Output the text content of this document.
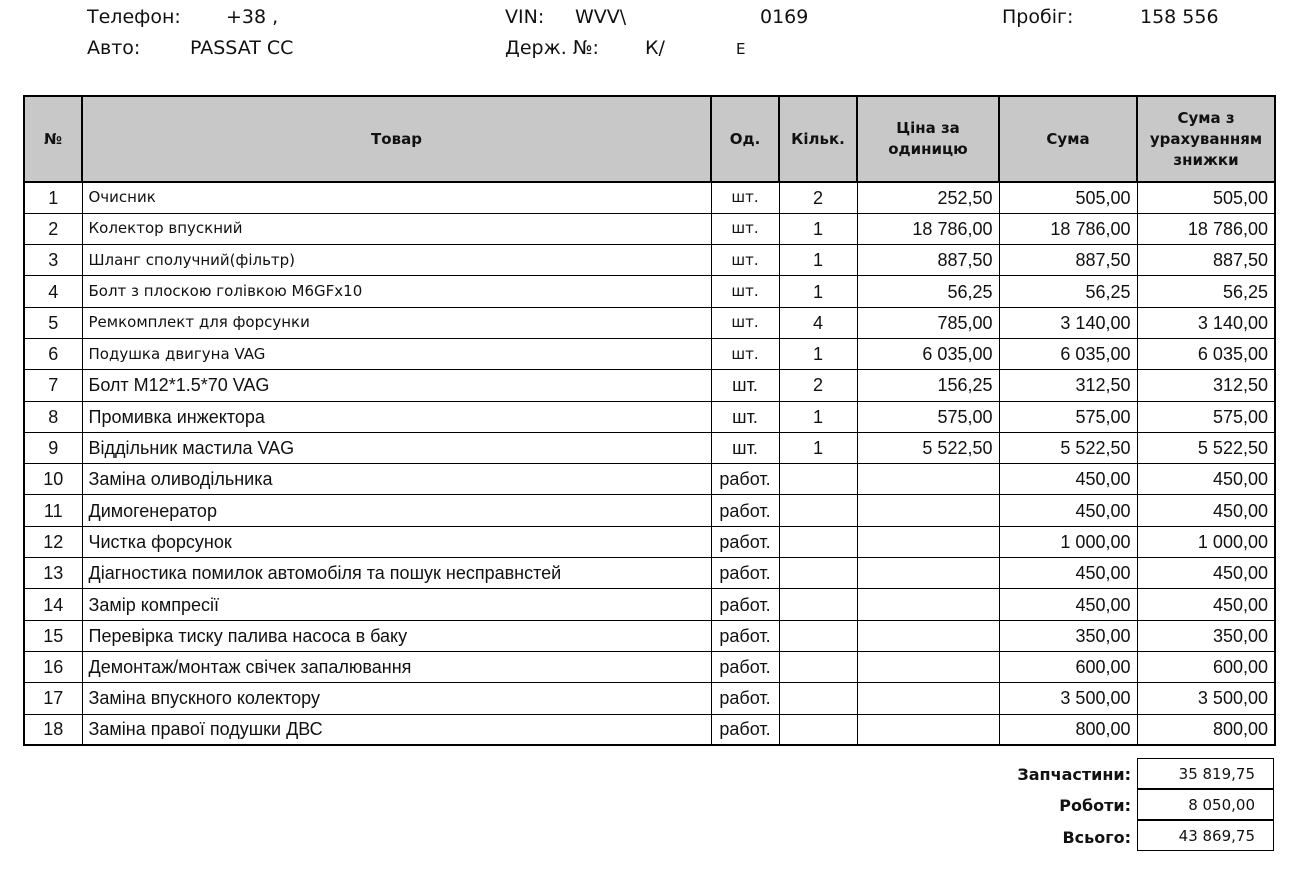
Телефон: +38 ,
Авто:	PASSAT CC
VIN: WVV\	0169
Держ. №: К/	Е
Пробіг:	158 556
№	Товар	Од.	Кільк.	Ціна за одиницю	Сума	Сума з урахуванням знижки
1	Очисник	шт.	2	252,50	505,00	505,00
2	Колектор впускний	шт.	1	18 786,00	18 786,00	18 786,00
3	Шланг сполучний(фільтр)	шт.	1	887,50	887,50	887,50
4	Болт з плоскою голівкою M6GFx10	шт.	1	56,25	56,25	56,25
5	Ремкомплект для форсунки	шт.	4	785,00	3 140,00	3 140,00
6	Подушка двигуна VAG	шт.	1	6 035,00	6 035,00	6 035,00
7	Болт M12*1.5*70 VAG	шт.	2	156,25	312,50	312,50
8	Промивка инжектора	шт.	1	575,00	575,00	575,00
9	Віддільник мастила VAG	шт.	1	5 522,50	5 522,50	5 522,50
10	Заміна оливодільника	работ.			450,00	450,00
11	Димогенератор	работ.			450,00	450,00
12	Чистка форсунок	работ.			1 000,00	1 000,00
13	Діагностика помилок автомобіля та пошук несправнстей	работ.			450,00	450,00
14	Замір компресії	работ.			450,00	450,00
15	Перевірка тиску палива насоса в баку	работ.			350,00	350,00
16	Демонтаж/монтаж свічек запалювання	работ.			600,00	600,00
17	Заміна впускного колектору	работ.			3 500,00	3 500,00
18	Заміна правої подушки ДВС	работ.			800,00	800,00
Запчастини:	35 819,75
Роботи:	8 050,00
Всього:	43 869,75
